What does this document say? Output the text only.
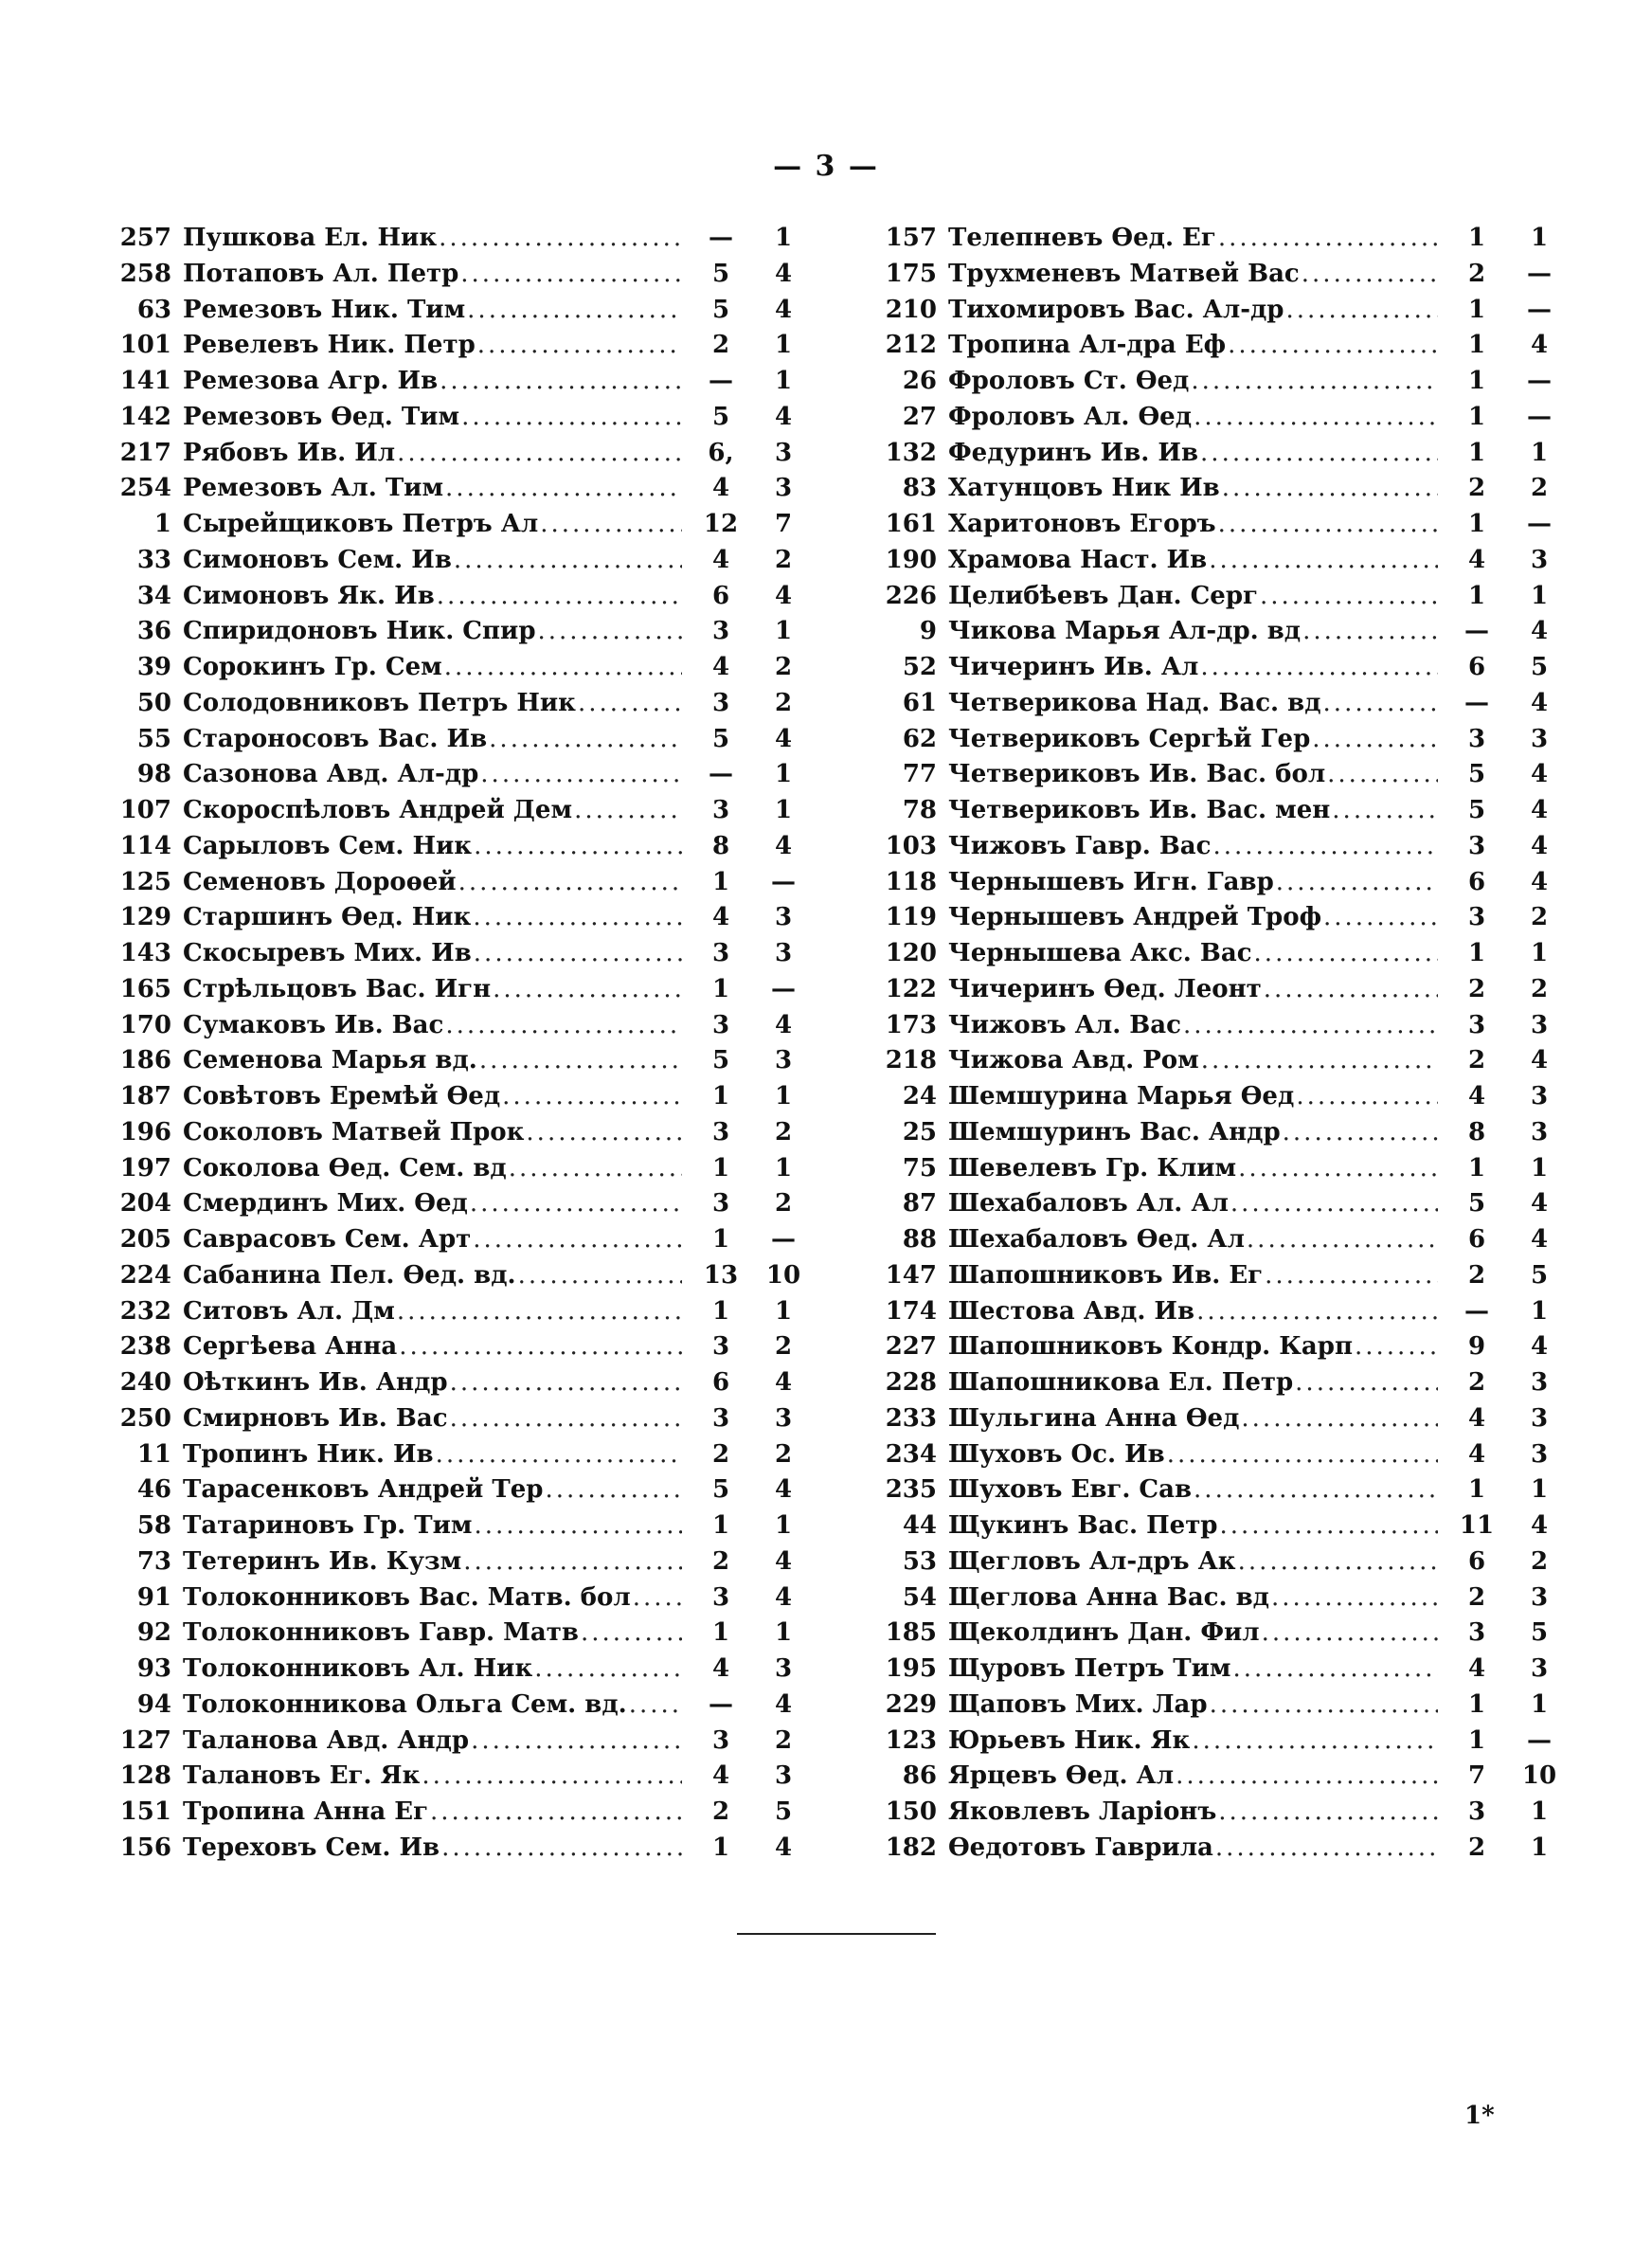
— 3 —
257 Пушкова Ел. Ник .....	—	1
258 Потаповъ Ал. Петр .....	5	4
63 Ремезовъ Ник. Тим .....	5	4
101 Ревелевъ Ник. Петр .....	2	1
141 Ремезова Агр. Ив .....	—	1
142 Ремезовъ Өед. Тим .....	5	4
217 Рябовъ Ив. Ил .....	6,	3
254 Ремезовъ Ал. Тим .....	4	3
1 Сырейщиковъ Петръ Ал .....	12	7
33 Симоновъ Сем. Ив .....	4	2
34 Симоновъ Як. Ив .....	6	4
36 Спиридоновъ Ник. Спир .....	3	1
39 Сорокинъ Гр. Сем .....	4	2
50 Солодовниковъ Петръ Ник .....	3	2
55 Староносовъ Вас. Ив .....	5	4
98 Сазонова Авд. Ал-др .....	—	1
107 Скороспѣловъ Андрей Дем .....	3	1
114 Сарыловъ Сем. Ник .....	8	4
125 Семеновъ Дороѳей .....	1	—
129 Старшинъ Өед. Ник .....	4	3
143 Скосыревъ Мих. Ив .....	3	3
165 Стрѣльцовъ Вас. Игн .....	1	—
170 Сумаковъ Ив. Вас .....	3	4
186 Семенова Марья вд. .....	5	3
187 Совѣтовъ Еремѣй Өед .....	1	1
196 Соколовъ Матвей Прок .....	3	2
197 Соколова Өед. Сем. вд .....	1	1
204 Смердинъ Мих. Өед .....	3	2
205 Саврасовъ Сем. Арт .....	1	—
224 Сабанина Пел. Өед. вд. .....	13	10
232 Ситовъ Ал. Дм .....	1	1
238 Сергѣева Анна .....	3	2
240 Оѣткинъ Ив. Андр .....	6	4
250 Смирновъ Ив. Вас .....	3	3
11 Тропинъ Ник. Ив .....	2	2
46 Тарасенковъ Андрей Тер .....	5	4
58 Татариновъ Гр. Тим .....	1	1
73 Тетеринъ Ив. Кузм .....	2	4
91 Толоконниковъ Вас. Матв. бол .....	3	4
92 Толоконниковъ Гавр. Матв .....	1	1
93 Толоконниковъ Ал. Ник .....	4	3
94 Толоконникова Ольга Сем. вд. .....	—	4
127 Таланова Авд. Андр .....	3	2
128 Талановъ Ег. Як .....	4	3
151 Тропина Анна Ег .....	2	5
156 Тереховъ Сем. Ив .....	1	4
157 Телепневъ Өед. Ег .....	1	1
175 Трухменевъ Матвей Вас .....	2	—
210 Тихомировъ Вас. Ал-др .....	1	—
212 Тропина Ал-дра Еф .....	1	4
26 Фроловъ Ст. Өед .....	1	—
27 Фроловъ Ал. Өед .....	1	—
132 Федуринъ Ив. Ив .....	1	1
83 Хатунцовъ Ник Ив .....	2	2
161 Харитоновъ Егоръ .....	1	—
190 Храмова Наст. Ив .....	4	3
226 Целибѣевъ Дан. Серг .....	1	1
9 Чикова Марья Ал-др. вд .....	—	4
52 Чичеринъ Ив. Ал .....	6	5
61 Четверикова Над. Вас. вд .....	—	4
62 Четвериковъ Сергѣй Гер .....	3	3
77 Четвериковъ Ив. Вас. бол .....	5	4
78 Четвериковъ Ив. Вас. мен .....	5	4
103 Чижовъ Гавр. Вас .....	3	4
118 Чернышевъ Игн. Гавр .....	6	4
119 Чернышевъ Андрей Троф .....	3	2
120 Чернышева Акс. Вас .....	1	1
122 Чичеринъ Өед. Леонт .....	2	2
173 Чижовъ Ал. Вас .....	3	3
218 Чижова Авд. Ром .....	2	4
24 Шемшурина Марья Өед .....	4	3
25 Шемшуринъ Вас. Андр .....	8	3
75 Шевелевъ Гр. Клим .....	1	1
87 Шехабаловъ Ал. Ал .....	5	4
88 Шехабаловъ Өед. Ал .....	6	4
147 Шапошниковъ Ив. Ег .....	2	5
174 Шестова Авд. Ив .....	—	1
227 Шапошниковъ Кондр. Карп .....	9	4
228 Шапошникова Ел. Петр .....	2	3
233 Шульгина Анна Өед .....	4	3
234 Шуховъ Ос. Ив .....	4	3
235 Шуховъ Евг. Сав .....	1	1
44 Щукинъ Вас. Петр .....	11	4
53 Щегловъ Ал-дръ Ак .....	6	2
54 Щеглова Анна Вас. вд .....	2	3
185 Щеколдинъ Дан. Фил .....	3	5
195 Щуровъ Петръ Тим .....	4	3
229 Щаповъ Мих. Лар .....	1	1
123 Юрьевъ Ник. Як .....	1	—
86 Ярцевъ Өед. Ал .....	7	10
150 Яковлевъ Ларіонъ .....	3	1
182 Өедотовъ Гаврила .....	2	1
1*
